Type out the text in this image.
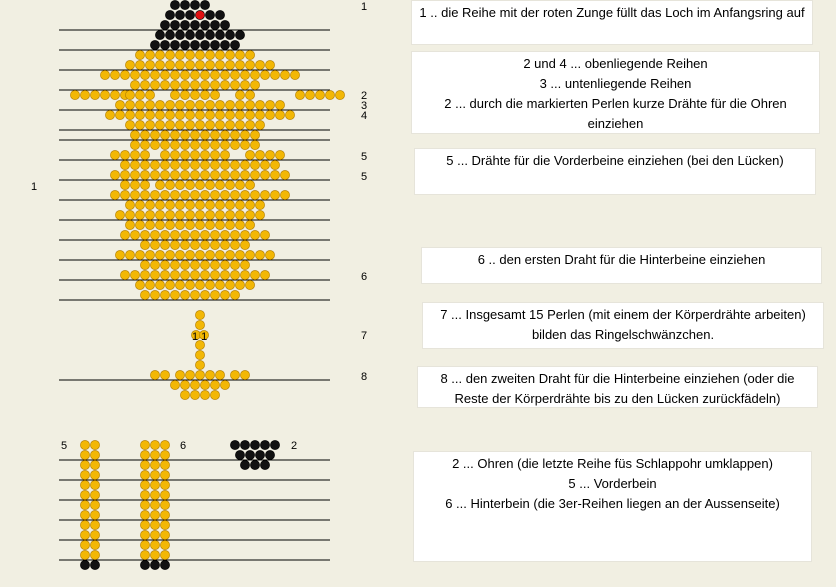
1
2
3
4
5
5
6
7
8
1
1 1
5	6	2
1 .. die Reihe mit der roten Zunge füllt das Loch im Anfangsring auf
2 und 4 ... obenliegende Reihen
3 ... untenliegende Reihen
2 ... durch die markierten Perlen kurze Drähte für die Ohren
einziehen
5 ... Drähte für die Vorderbeine einziehen (bei den Lücken)
6 .. den ersten Draht für die Hinterbeine einziehen
7 ... Insgesamt 15 Perlen (mit einem der Körperdrähte arbeiten)
bilden das Ringelschwänzchen.
8 ... den zweiten Draht für die Hinterbeine einziehen (oder die
Reste der Körperdrähte bis zu den Lücken zurückfädeln)
2 ... Ohren (die letzte Reihe füs Schlappohr umklappen)
5 ... Vorderbein
6 ... Hinterbein (die 3er-Reihen liegen an der Aussenseite)
